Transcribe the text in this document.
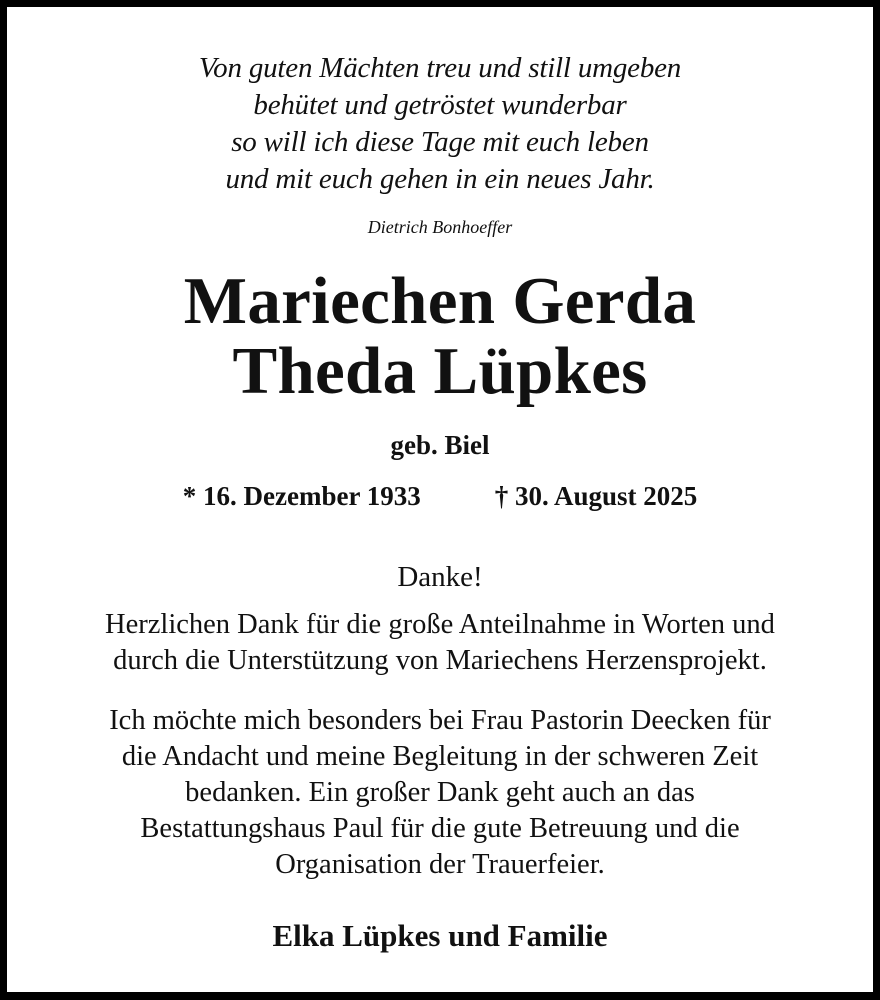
Von guten Mächten treu und still umgeben
behütet und getröstet wunderbar
so will ich diese Tage mit euch leben
und mit euch gehen in ein neues Jahr.
Dietrich Bonhoeffer
Mariechen Gerda
Theda Lüpkes
geb. Biel
* 16. Dezember 1933	† 30. August 2025
Danke!
Herzlichen Dank für die große Anteilnahme in Worten und
durch die Unterstützung von Mariechens Herzensprojekt.
Ich möchte mich besonders bei Frau Pastorin Deecken für
die Andacht und meine Begleitung in der schweren Zeit
bedanken. Ein großer Dank geht auch an das
Bestattungshaus Paul für die gute Betreuung und die
Organisation der Trauerfeier.
Elka Lüpkes und Familie
